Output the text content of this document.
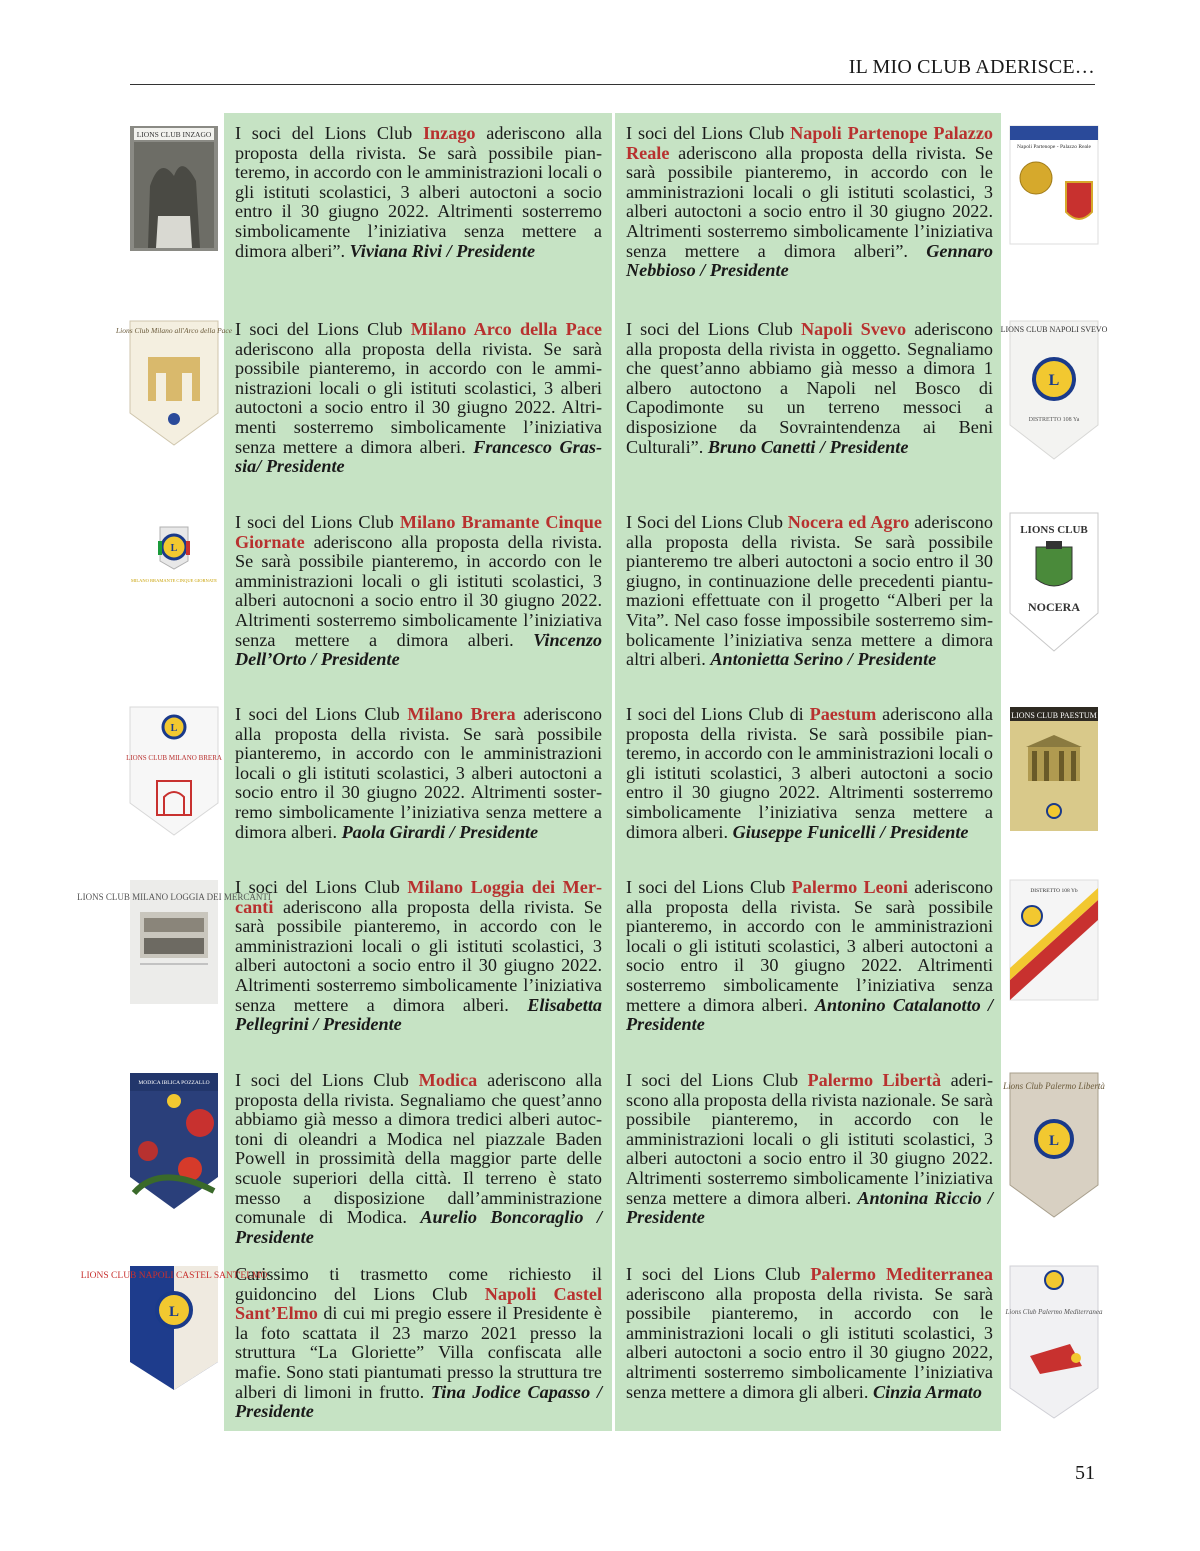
IL MIO CLUB ADERISCE…
I soci del Lions Club Inzago aderiscono alla proposta della rivista. Se sarà possibile pianteremo, in accordo con le amministrazioni locali o gli istituti scolastici, 3 alberi autoctoni a socio entro il 30 giugno 2022. Altrimenti sosterremo simbolicamente l’iniziativa senza mettere a dimora alberi”. Viviana Rivi / Presidente
I soci del Lions Club Napoli Partenope Palazzo Reale aderiscono alla proposta della rivista. Se sarà possibile pianteremo, in accordo con le amministrazioni locali o gli istituti scolastici, 3 alberi autoctoni a socio entro il 30 giugno 2022. Altrimenti sosterremo simbolicamente l’iniziativa senza mettere a dimora alberi”. Gennaro Nebbioso / Presidente
I soci del Lions Club Milano Arco della Pace aderiscono alla proposta della rivista. Se sarà possibile pianteremo, in accordo con le amministrazioni locali o gli istituti scolastici, 3 alberi autoctoni a socio entro il 30 giugno 2022. Altrimenti sosterremo simbolicamente l’iniziativa senza mettere a dimora alberi. Francesco Grassia/ Presidente
I soci del Lions Club Napoli Svevo aderiscono alla proposta della rivista in oggetto. Segnaliamo che quest’anno abbiamo già messo a dimora 1 albero autoctono a Napoli nel Bosco di Capodimonte su un terreno messoci a disposizione da Sovraintendenza ai Beni Culturali”. Bruno Canetti / Presidente
I soci del Lions Club Milano Bramante Cinque Giornate aderiscono alla proposta della rivista. Se sarà possibile pianteremo, in accordo con le amministrazioni locali o gli istituti scolastici, 3 alberi autocnoni a socio entro il 30 giugno 2022. Altrimenti sosterremo simbolicamente l’iniziativa senza mettere a dimora alberi. Vincenzo Dell’Orto / Presidente
I Soci del Lions Club Nocera ed Agro aderiscono alla proposta della rivista. Se sarà possibile pianteremo tre alberi autoctoni a socio entro il 30 giugno, in continuazione delle precedenti piantumazioni effettuate con il progetto “Alberi per la Vita”. Nel caso fosse impossibile sosterremo simbolicamente l’iniziativa senza mettere a dimora altri alberi. Antonietta Serino / Presidente
I soci del Lions Club Milano Brera aderiscono alla proposta della rivista. Se sarà possibile pianteremo, in accordo con le amministrazioni locali o gli istituti scolastici, 3 alberi autoctoni a socio entro il 30 giugno 2022. Altrimenti sosterremo simbolicamente l’iniziativa senza mettere a dimora alberi. Paola Girardi / Presidente
I soci del Lions Club di Paestum aderiscono alla proposta della rivista. Se sarà possibile pianteremo, in accordo con le amministrazioni locali o gli istituti scolastici, 3 alberi autoctoni a socio entro il 30 giugno 2022. Altrimenti sosterremo simbolicamente l’iniziativa senza mettere a dimora alberi. Giuseppe Funicelli / Presidente
I soci del Lions Club Milano Loggia dei Mercanti aderiscono alla proposta della rivista. Se sarà possibile pianteremo, in accordo con le amministrazioni locali o gli istituti scolastici, 3 alberi autoctoni a socio entro il 30 giugno 2022. Altrimenti sosterremo simbolicamente l’iniziativa senza mettere a dimora alberi. Elisabetta Pellegrini / Presidente
I soci del Lions Club Palermo Leoni aderiscono alla proposta della rivista. Se sarà possibile pianteremo, in accordo con le amministrazioni locali o gli istituti scolastici, 3 alberi autoctoni a socio entro il 30 giugno 2022. Altrimenti sosterremo simbolicamente l’iniziativa senza mettere a dimora alberi. Antonino Catalanotto / Presidente
I soci del Lions Club Modica aderiscono alla proposta della rivista. Segnaliamo che quest’anno abbiamo già messo a dimora tredici alberi autoctoni di oleandri a Modica nel piazzale Baden Powell in prossimità della maggior parte delle scuole superiori della città. Il terreno è stato messo a disposizione dall’amministrazione comunale di Modica. Aurelio Boncoraglio / Presidente
I soci del Lions Club Palermo Libertà aderiscono alla proposta della rivista nazionale. Se sarà possibile pianteremo, in accordo con le amministrazioni locali o gli istituti scolastici, 3 alberi autoctoni a socio entro il 30 giugno 2022. Altrimenti sosterremo simbolicamente l’iniziativa senza mettere a dimora alberi. Antonina Riccio / Presidente
Carissimo ti trasmetto come richiesto il guidoncino del Lions Club Napoli Castel Sant’Elmo di cui mi pregio essere il Presidente è la foto scattata il 23 marzo 2021 presso la struttura “La Gloriette” Villa confiscata alle mafie. Sono stati piantumati presso la struttura tre alberi di limoni in frutto. Tina Jodice Capasso / Presidente
I soci del Lions Club Palermo Mediterranea aderiscono alla proposta della rivista. Se sarà possibile pianteremo, in accordo con le amministrazioni locali o gli istituti scolastici, 3 alberi autoctoni a socio entro il 30 giugno 2022, altrimenti sosterremo simbolicamente l’iniziativa senza mettere a dimora gli alberi. Cinzia Armato
LIONS CLUB INZAGO
Lions Club Milano all'Arco della Pace
L
MILANO BRAMANTE CINQUE GIORNATE
L
LIONS CLUB MILANO BRERA
LIONS CLUB MILANO LOGGIA DEI MERCANTI
MODICA IBLICA POZZALLO
LIONS CLUB NAPOLI CASTEL SANT'ELMO
L
Napoli Partenope - Palazzo Reale
LIONS CLUB NAPOLI SVEVO
L
DISTRETTO 108 Ya
LIONS CLUB
NOCERA
LIONS CLUB PAESTUM
DISTRETTO 108 Yb
Lions Club Palermo Libertà
L
Lions Club Palermo Mediterranea
51
